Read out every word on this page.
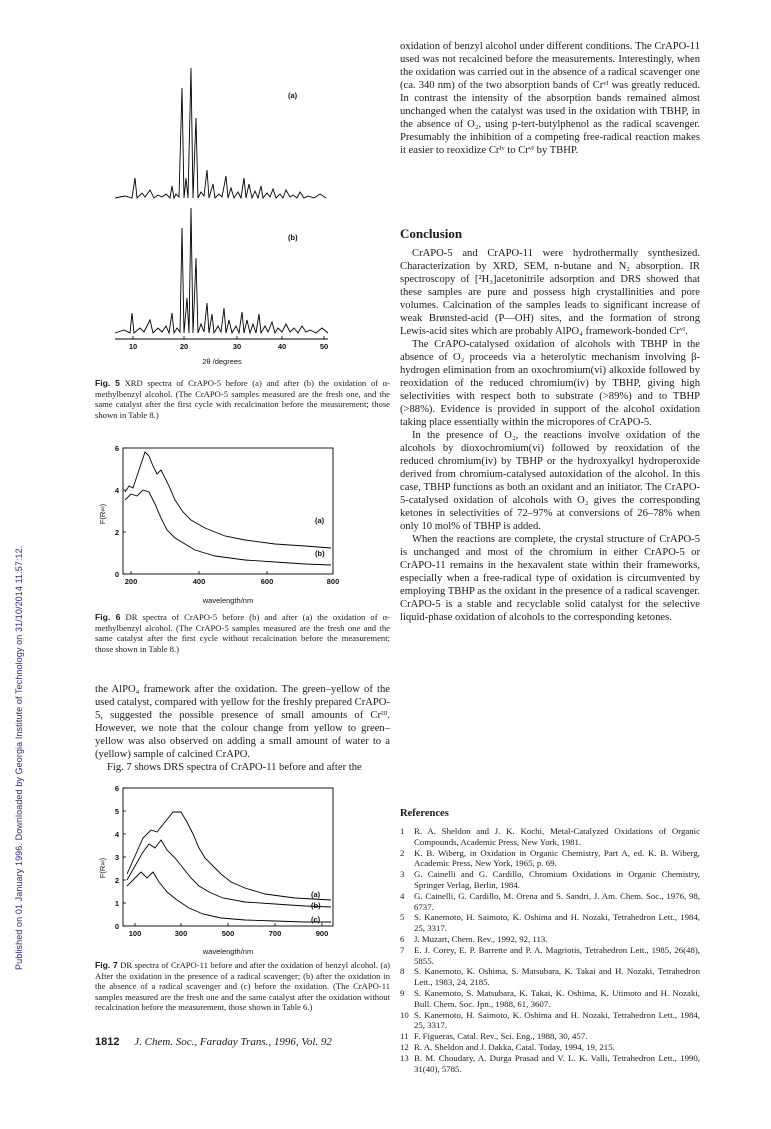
Published on 01 January 1996. Downloaded by Georgia Institute of Technology on 31/10/2014 11:57:12.
(a)
(b)
10	20	30	40	50
2θ /degrees
Fig. 5 XRD spectra of CrAPO-5 before (a) and after (b) the oxidation of α-methylbenzyl alcohol. (The CrAPO-5 samples measured are the fresh one, and the same catalyst after the first cycle with recalcination before the measurement; those shown in Table 8.)
0
2
4
6
200	400	600	800
(a)
(b)
F(R∞)
wavelength/nm
Fig. 6 DR spectra of CrAPO-5 before (b) and after (a) the oxidation of α-methylbenzyl alcohol. (The CrAPO-5 samples measured are the fresh one and the same catalyst after the first cycle without recalcination before the measurement; those shown in Table 8.)

the AlPO₄ framework after the oxidation. The green–yellow of the used catalyst, compared with yellow for the freshly prepared CrAPO-5, suggested the possible presence of small amounts of Crᴵᴵᴵ. However, we note that the colour change from yellow to green–yellow was also observed on adding a small amount of water to a (yellow) sample of calcined CrAPO.

Fig. 7 shows DRS spectra of CrAPO-11 before and after the

0
1
2
3
4
5
6
100	300	500	700	900
(a)
(b)
(c)
F(R∞)
wavelength/nm
Fig. 7 DR spectra of CrAPO-11 before and after the oxidation of benzyl alcohol. (a) After the oxidation in the presence of a radical scavenger; (b) after the oxidation in the absence of a radical scavenger and (c) before the oxidation. (The CrAPO-11 samples measured are the fresh one and the same catalyst after the oxidation without recalcination before the measurement, those shown in Table 6.)

oxidation of benzyl alcohol under different conditions. The CrAPO-11 used was not recalcined before the measurements. Interestingly, when the oxidation was carried out in the absence of a radical scavenger one (ca. 340 nm) of the two absorption bands of Crᵛᴵ was greatly reduced. In contrast the intensity of the absorption bands remained almost unchanged when the catalyst was used in the oxidation with TBHP, in the absence of O₂, using p-tert-butylphenol as the radical scavenger. Presumably the inhibition of a competing free-radical reaction makes it easier to reoxidize Crᴵᵛ to Crᵛᴵ by TBHP.

Conclusion

CrAPO-5 and CrAPO-11 were hydrothermally synthesized. Characterization by XRD, SEM, n-butane and N₂ absorption. IR spectroscopy of [²H₃]acetonitrile adsorption and DRS showed that these samples are pure and possess high crystallinities and pore volumes. Calcination of the samples leads to significant increase of weak Brønsted-acid (P—OH) sites, and the formation of strong Lewis-acid sites which are probably AlPO₄ framework-bonded Crᵛᴵ.

The CrAPO-catalysed oxidation of alcohols with TBHP in the absence of O₂ proceeds via a heterolytic mechanism involving β-hydrogen elimination from an oxochromium(vi) alkoxide followed by reoxidation of the reduced chromium(iv) by TBHP, giving high selectivities with respect both to substrate (>89%) and to TBHP (>88%). Evidence is provided in support of the alcohol oxidation taking place essentially within the micropores of CrAPO-5.

In the presence of O₂, the reactions involve oxidation of the alcohols by dioxochromium(vi) followed by reoxidation of the reduced chromium(iv) by TBHP or the hydroxyalkyl hydroperoxide derived from chromium-catalysed autoxidation of the alcohol. In this case, TBHP functions as both an oxidant and an initiator. The CrAPO-5-catalysed oxidation of alcohols with O₂ gives the corresponding ketones in selectivities of 72–97% at conversions of 26–78% when only 10 mol% of TBHP is added.

When the reactions are complete, the crystal structure of CrAPO-5 is unchanged and most of the chromium in either CrAPO-5 or CrAPO-11 remains in the hexavalent state within their frameworks, especially when a free-radical type of oxidation is circumvented by employing TBHP as the oxidant in the presence of a radical scavenger. CrAPO-5 is a stable and recyclable solid catalyst for the selective liquid-phase oxidation of alcohols to the corresponding ketones.

References
1	R. A. Sheldon and J. K. Kochi, Metal-Catalyzed Oxidations of Organic Compounds, Academic Press, New York, 1981.
2	K. B. Wiberg, in Oxidation in Organic Chemistry, Part A, ed. K. B. Wiberg, Academic Press, New York, 1965, p. 69.
3	G. Cainelli and G. Cardillo, Chromium Oxidations in Organic Chemistry, Springer Verlag, Berlin, 1984.
4	G. Cainelli, G. Cardillo, M. Orena and S. Sandri, J. Am. Chem. Soc., 1976, 98, 6737.
5	S. Kanemoto, H. Saimoto, K. Oshima and H. Nozaki, Tetrahedron Lett., 1984, 25, 3317.
6	J. Muzart, Chem. Rev., 1992, 92, 113.
7	E. J. Corey, E. P. Barrette and P. A. Magriotis, Tetrahedron Lett., 1985, 26(48), 5855.
8	S. Kanemoto, K. Oshima, S. Matsubara, K. Takai and H. Nozaki, Tetrahedron Lett., 1983, 24, 2185.
9	S. Kanemoto, S. Matsubara, K. Takai, K. Oshima, K. Utimoto and H. Nozaki, Bull. Chem. Soc. Jpn., 1988, 61, 3607.
10 S. Kanemoto, H. Saimoto, K. Oshima and H. Nozaki, Tetrahedron Lett., 1984, 25, 3317.
11 F. Figueras, Catal. Rev., Sci. Eng., 1988, 30, 457.
12 R. A. Sheldon and J. Dakka, Catal. Today, 1994, 19, 215.
13 B. M. Choudary, A. Durga Prasad and V. L. K. Valli, Tetrahedron Lett., 1990, 31(40), 5785.
1812 J. Chem. Soc., Faraday Trans., 1996, Vol. 92
